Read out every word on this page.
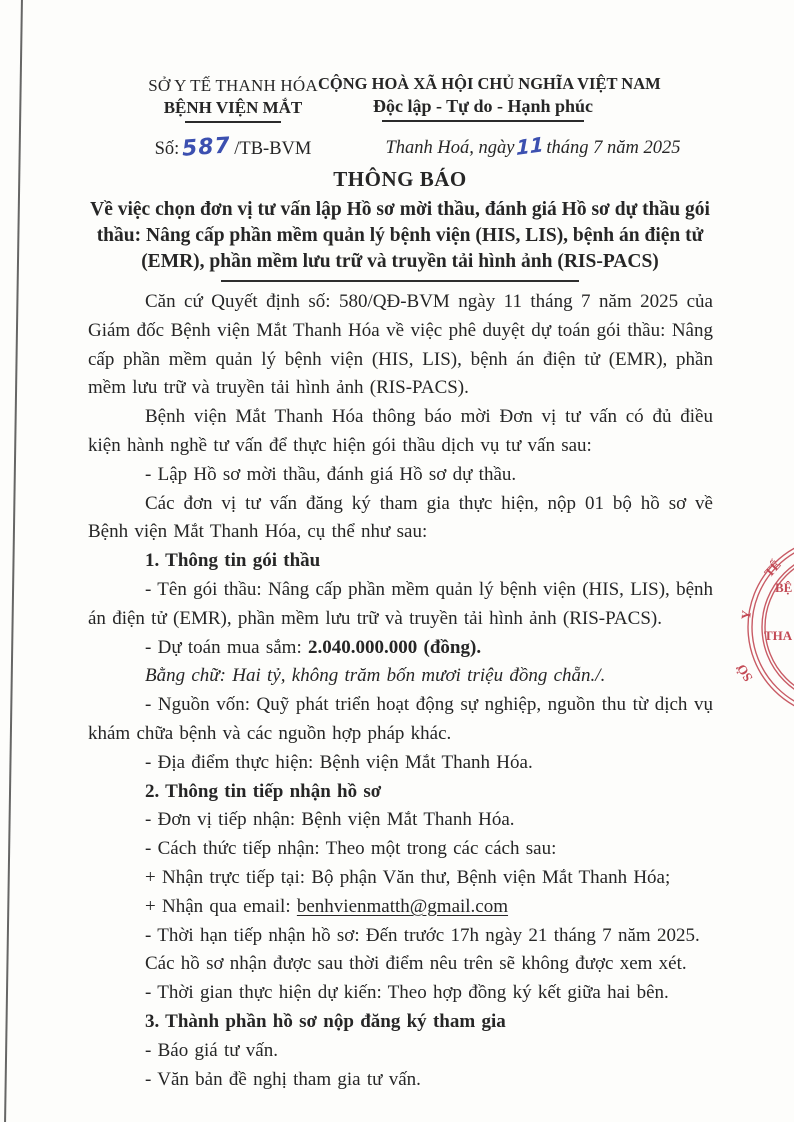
SỞ Y TẾ THANH HÓA
BỆNH VIỆN MẮT
Số:587 /TB-BVM
CỘNG HOÀ XÃ HỘI CHỦ NGHĨA VIỆT NAM
Độc lập - Tự do - Hạnh phúc
Thanh Hoá, ngày11 tháng 7 năm 2025
THÔNG BÁO
Về việc chọn đơn vị tư vấn lập Hồ sơ mời thầu, đánh giá Hồ sơ dự thầu gói thầu: Nâng cấp phần mềm quản lý bệnh viện (HIS, LIS), bệnh án điện tử (EMR), phần mềm lưu trữ và truyền tải hình ảnh (RIS-PACS)

Căn cứ Quyết định số: 580/QĐ-BVM ngày 11 tháng 7 năm 2025 của Giám đốc Bệnh viện Mắt Thanh Hóa về việc phê duyệt dự toán gói thầu: Nâng cấp phần mềm quản lý bệnh viện (HIS, LIS), bệnh án điện tử (EMR), phần mềm lưu trữ và truyền tải hình ảnh (RIS-PACS).

Bệnh viện Mắt Thanh Hóa thông báo mời Đơn vị tư vấn có đủ điều kiện hành nghề tư vấn để thực hiện gói thầu dịch vụ tư vấn sau:

- Lập Hồ sơ mời thầu, đánh giá Hồ sơ dự thầu.

Các đơn vị tư vấn đăng ký tham gia thực hiện, nộp 01 bộ hồ sơ về Bệnh viện Mắt Thanh Hóa, cụ thể như sau:

1. Thông tin gói thầu

- Tên gói thầu: Nâng cấp phần mềm quản lý bệnh viện (HIS, LIS), bệnh án điện tử (EMR), phần mềm lưu trữ và truyền tải hình ảnh (RIS-PACS).

- Dự toán mua sắm: 2.040.000.000 (đồng).

Bằng chữ: Hai tỷ, không trăm bốn mươi triệu đồng chẵn./.

- Nguồn vốn: Quỹ phát triển hoạt động sự nghiệp, nguồn thu từ dịch vụ khám chữa bệnh và các nguồn hợp pháp khác.

- Địa điểm thực hiện: Bệnh viện Mắt Thanh Hóa.

2. Thông tin tiếp nhận hồ sơ

- Đơn vị tiếp nhận: Bệnh viện Mắt Thanh Hóa.

- Cách thức tiếp nhận: Theo một trong các cách sau:

+ Nhận trực tiếp tại: Bộ phận Văn thư, Bệnh viện Mắt Thanh Hóa;

+ Nhận qua email: benhvienmatth@gmail.com

- Thời hạn tiếp nhận hồ sơ: Đến trước 17h ngày 21 tháng 7 năm 2025.

Các hồ sơ nhận được sau thời điểm nêu trên sẽ không được xem xét.

- Thời gian thực hiện dự kiến: Theo hợp đồng ký kết giữa hai bên.

3. Thành phần hồ sơ nộp đăng ký tham gia

- Báo giá tư vấn.

- Văn bản đề nghị tham gia tư vấn.

TẾ
Y
SỞ
BỆ
THA
